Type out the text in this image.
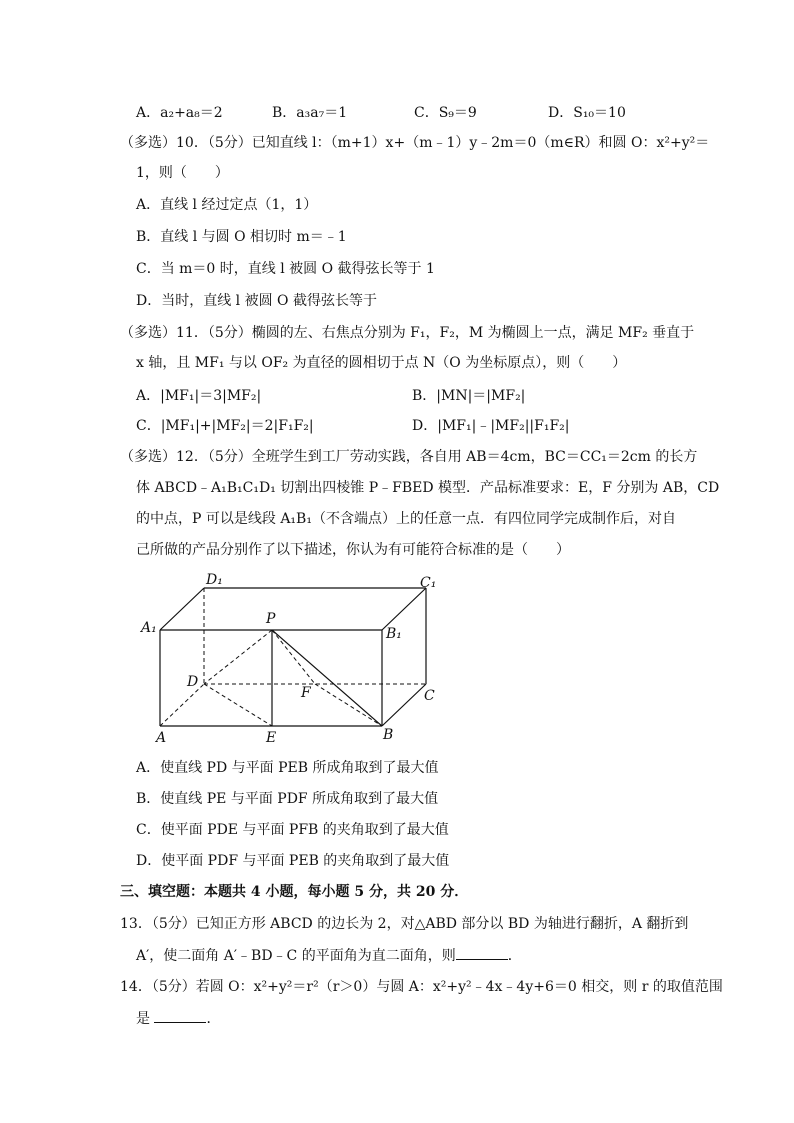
A．a₂+a₈＝2	B．a₃a₇＝1	C．S₉＝9	D．S₁₀＝10
（多选）10．（5分）已知直线 l：（m+1）x+（m﹣1）y﹣2m＝0（m∈R）和圆 O：x²+y²＝
1，则（　　）
A．直线 l 经过定点（1，1）
B．直线 l 与圆 O 相切时 m＝﹣1
C．当 m＝0 时，直线 l 被圆 O 截得弦长等于 1
D．当时，直线 l 被圆 O 截得弦长等于
（多选）11．（5分）椭圆的左、右焦点分别为 F₁，F₂，M 为椭圆上一点，满足 MF₂ 垂直于
x 轴，且 MF₁ 与以 OF₂ 为直径的圆相切于点 N（O 为坐标原点），则（　　）
A．|MF₁|＝3|MF₂|	B．|MN|＝|MF₂|
C．|MF₁|+|MF₂|＝2|F₁F₂|	D．|MF₁|﹣|MF₂||F₁F₂|
（多选）12．（5分）全班学生到工厂劳动实践，各自用 AB＝4cm，BC＝CC₁＝2cm 的长方
体 ABCD﹣A₁B₁C₁D₁ 切割出四棱锥 P﹣FBED 模型．产品标准要求：E，F 分别为 AB，CD
的中点，P 可以是线段 A₁B₁（不含端点）上的任意一点．有四位同学完成制作后，对自
己所做的产品分别作了以下描述，你认为有可能符合标准的是（　　）
D₁	C₁
A₁	B₁
P
D
F	C
A	E	B
A．使直线 PD 与平面 PEB 所成角取到了最大值
B．使直线 PE 与平面 PDF 所成角取到了最大值
C．使平面 PDE 与平面 PFB 的夹角取到了最大值
D．使平面 PDF 与平面 PEB 的夹角取到了最大值
三、填空题：本题共 4 小题，每小题 5 分，共 20 分．
13．（5分）已知正方形 ABCD 的边长为 2，对△ABD 部分以 BD 为轴进行翻折，A 翻折到
A′，使二面角 A′﹣BD﹣C 的平面角为直二面角，则	．
14．（5分）若圆 O：x²+y²＝r²（r＞0）与圆 A：x²+y²﹣4x﹣4y+6＝0 相交，则 r 的取值范围
是	．
